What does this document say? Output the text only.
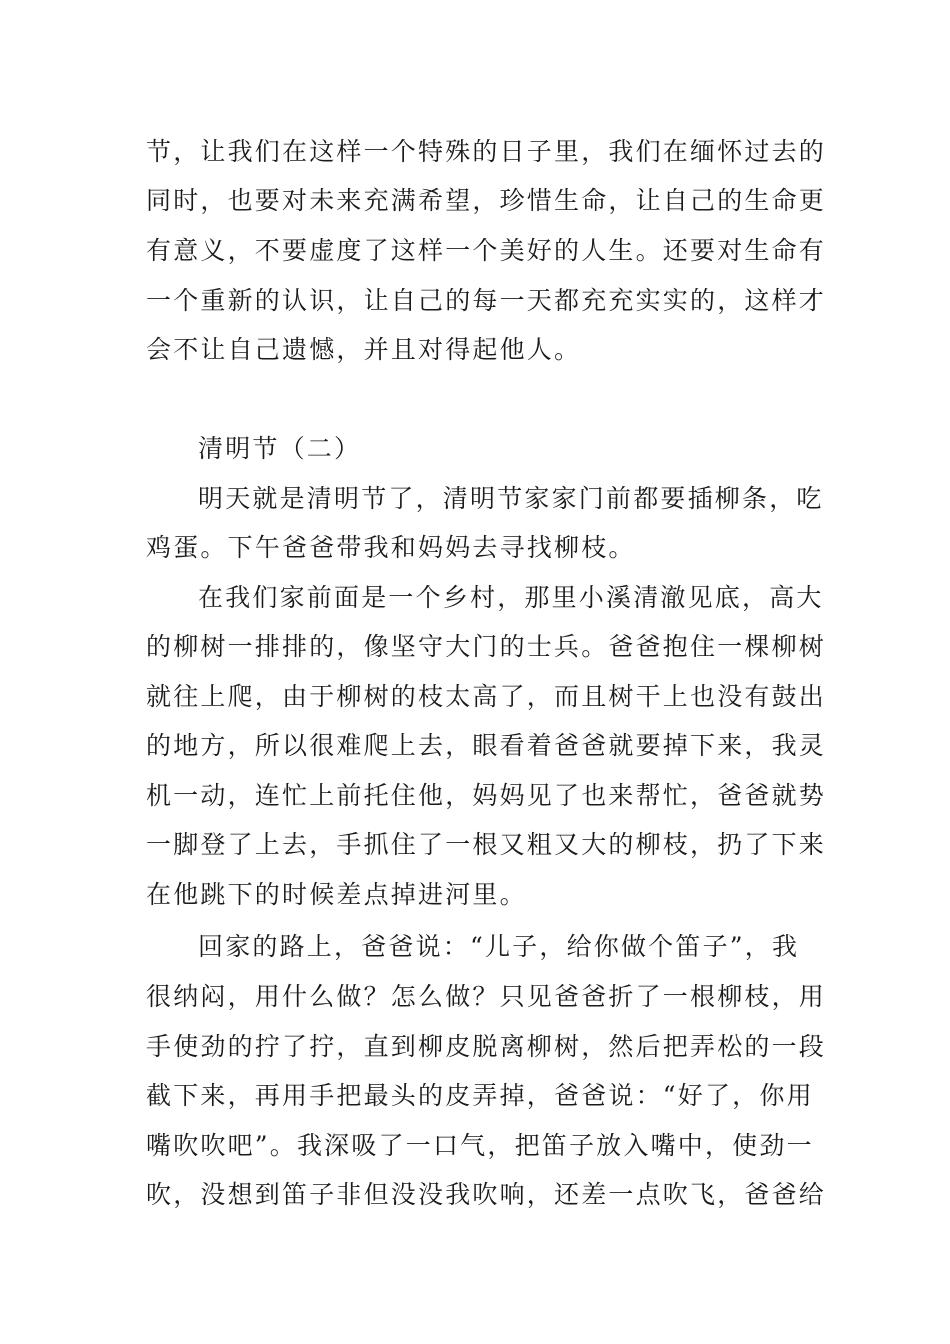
节，让我们在这样一个特殊的日子里，我们在缅怀过去的
同时，也要对未来充满希望，珍惜生命，让自己的生命更
有意义，不要虚度了这样一个美好的人生。还要对生命有
一个重新的认识，让自己的每一天都充充实实的，这样才
会不让自己遗憾，并且对得起他人。
清明节（二）
明天就是清明节了，清明节家家门前都要插柳条，吃
鸡蛋。下午爸爸带我和妈妈去寻找柳枝。
在我们家前面是一个乡村，那里小溪清澈见底，高大
的柳树一排排的，像坚守大门的士兵。爸爸抱住一棵柳树
就往上爬，由于柳树的枝太高了，而且树干上也没有鼓出
的地方，所以很难爬上去，眼看着爸爸就要掉下来，我灵
机一动，连忙上前托住他，妈妈见了也来帮忙，爸爸就势
一脚登了上去，手抓住了一根又粗又大的柳枝，扔了下来
在他跳下的时候差点掉进河里。
回家的路上，爸爸说：“儿子，给你做个笛子”，我
很纳闷，用什么做？怎么做？只见爸爸折了一根柳枝，用
手使劲的拧了拧，直到柳皮脱离柳树，然后把弄松的一段
截下来，再用手把最头的皮弄掉，爸爸说：“好了，你用
嘴吹吹吧”。我深吸了一口气，把笛子放入嘴中，使劲一
吹，没想到笛子非但没没我吹响，还差一点吹飞，爸爸给
